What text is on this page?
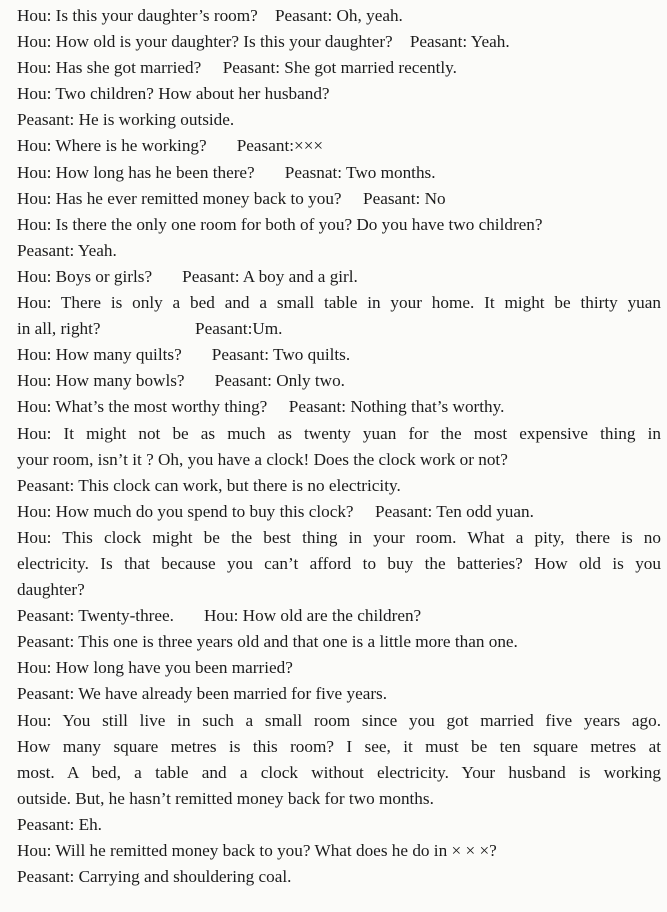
Hou: Is this your daughter’s room?    Peasant: Oh, yeah.

Hou: How old is your daughter? Is this your daughter?    Peasant: Yeah.

Hou: Has she got married?     Peasant: She got married recently.

Hou: Two children? How about her husband?

Peasant: He is working outside.

Hou: Where is he working?       Peasant:×××

Hou: How long has he been there?       Peasnat: Two months.

Hou: Has he ever remitted money back to you?     Peasant: No

Hou: Is there the only one room for both of you? Do you have two children?

Peasant: Yeah.

Hou: Boys or girls?       Peasant: A boy and a girl.

Hou: There is only a bed and a small table in your home. It might be thirty yuan

in all, right?                      Peasant:Um.

Hou: How many quilts?       Peasant: Two quilts.

Hou: How many bowls?       Peasant: Only two.

Hou: What’s the most worthy thing?     Peasant: Nothing that’s worthy.

Hou: It might not be as much as twenty yuan for the most expensive thing in

your room, isn’t it ? Oh, you have a clock! Does the clock work or not?

Peasant: This clock can work, but there is no electricity.

Hou: How much do you spend to buy this clock?     Peasant: Ten odd yuan.

Hou: This clock might be the best thing in your room. What a pity, there is no

electricity. Is that because you can’t afford to buy the batteries? How old is you

daughter?

Peasant: Twenty-three.       Hou: How old are the children?

Peasant: This one is three years old and that one is a little more than one.

Hou: How long have you been married?

Peasant: We have already been married for five years.

Hou: You still live in such a small room since you got married five years ago.

How many square metres is this room? I see, it must be ten square metres at

most. A bed, a table and a clock without electricity. Your husband is working

outside. But, he hasn’t remitted money back for two months.

Peasant: Eh.

Hou: Will he remitted money back to you? What does he do in × × ×?

Peasant: Carrying and shouldering coal.
